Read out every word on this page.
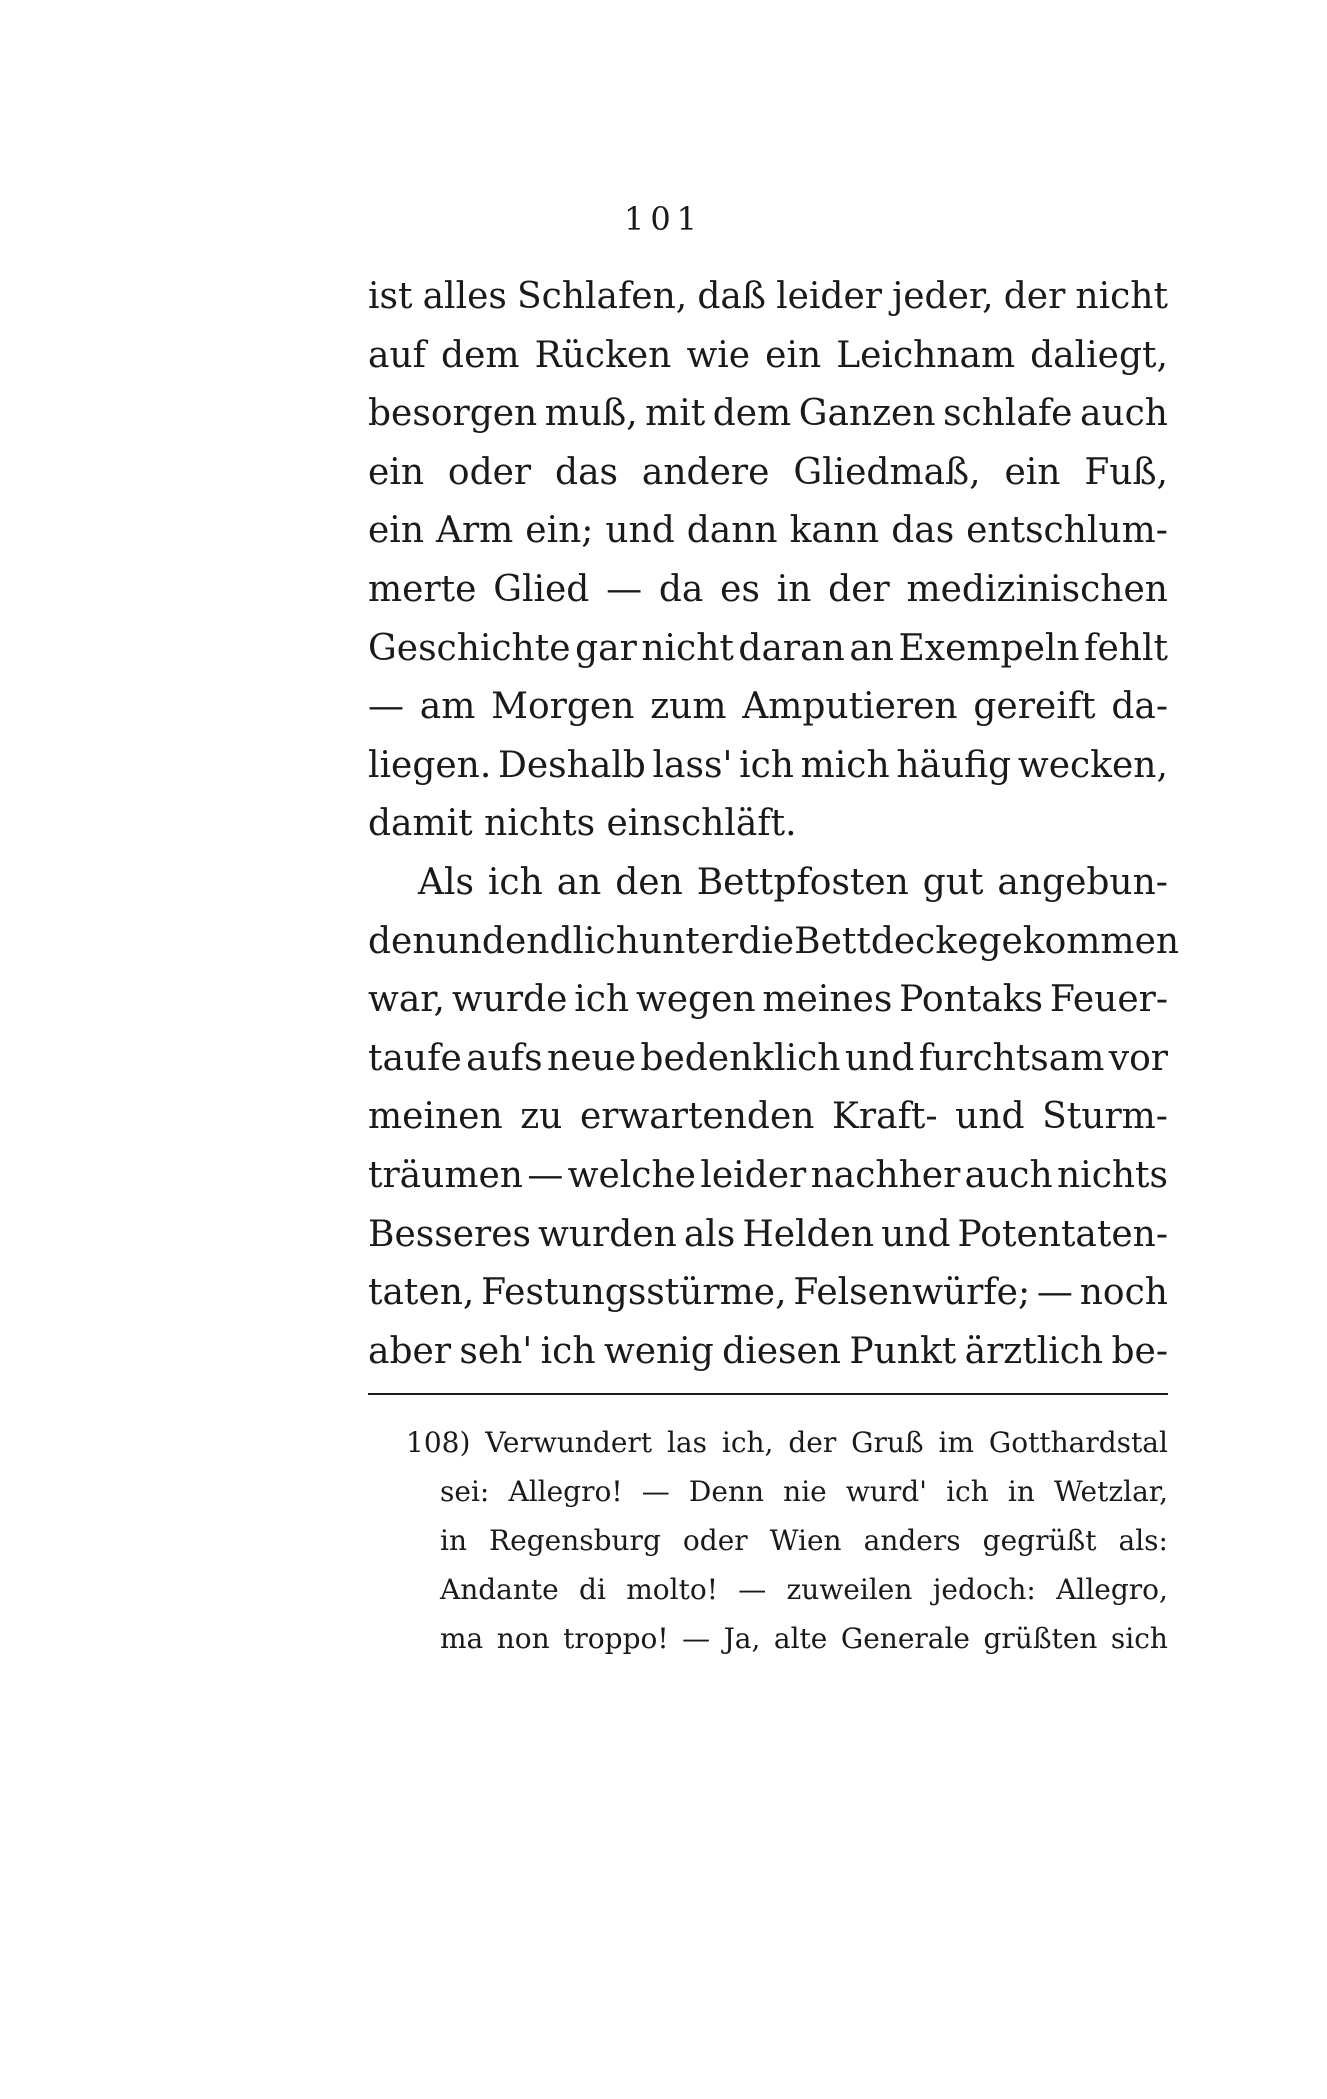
101
ist alles Schlafen, daß leider jeder, der nicht
auf dem Rücken wie ein Leichnam daliegt,
besorgen muß, mit dem Ganzen schlafe auch
ein oder das andere Gliedmaß, ein Fuß,
ein Arm ein; und dann kann das entschlum-
merte Glied — da es in der medizinischen
Geschichte gar nicht daran an Exempeln fehlt
— am Morgen zum Amputieren gereift da-
liegen. Deshalb lass' ich mich häufig wecken,
damit nichts einschläft.
Als ich an den Bettpfosten gut angebun-
den und endlich unter die Bettdecke gekommen
war, wurde ich wegen meines Pontaks Feuer-
taufe aufs neue bedenklich und furchtsam vor
meinen zu erwartenden Kraft- und Sturm-
träumen — welche leider nachher auch nichts
Besseres wurden als Helden und Potentaten-
taten, Festungsstürme, Felsenwürfe; — noch
aber seh' ich wenig diesen Punkt ärztlich be-
108) Verwundert las ich, der Gruß im Gotthardstal
sei: Allegro! — Denn nie wurd' ich in Wetzlar,
in Regensburg oder Wien anders gegrüßt als:
Andante di molto! — zuweilen jedoch: Allegro,
ma non troppo! — Ja, alte Generale grüßten sich
